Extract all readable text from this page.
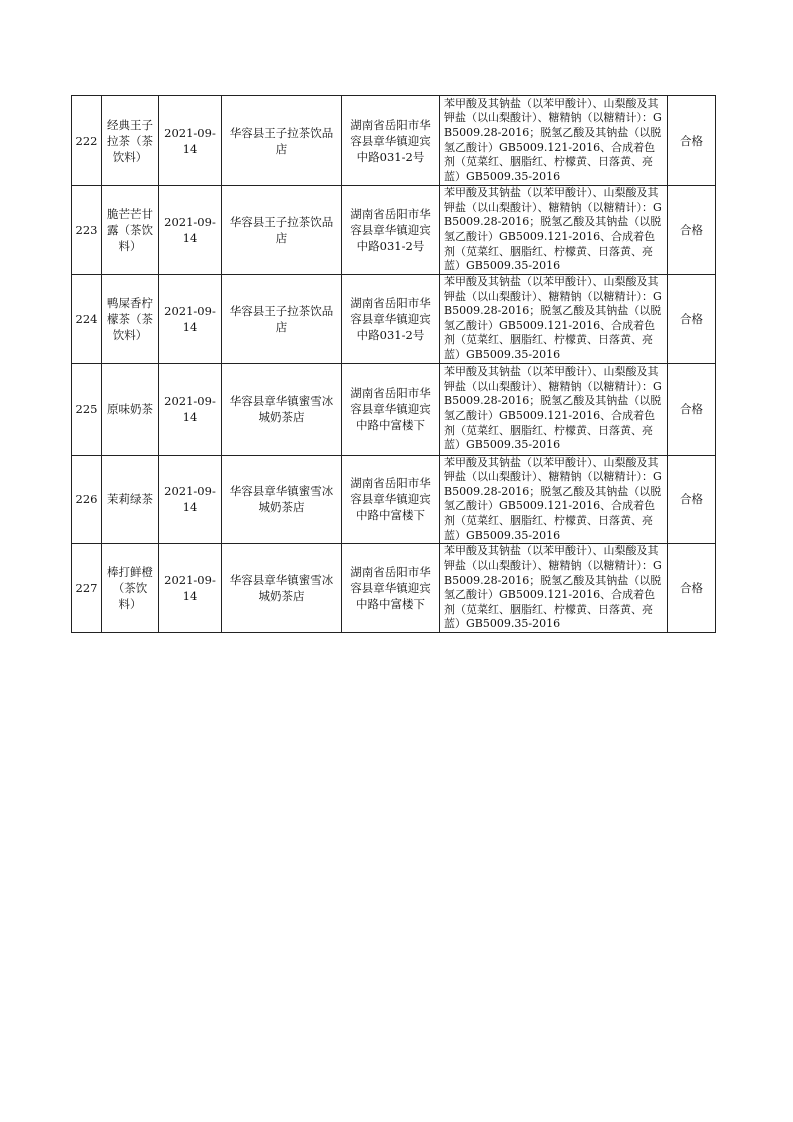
222	经典王子拉茶（茶饮料）	2021-09-14	华容县王子拉茶饮品店	湖南省岳阳市华容县章华镇迎宾中路031-2号	苯甲酸及其钠盐（以苯甲酸计）、山梨酸及其钾盐（以山梨酸计）、糖精钠（以糖精计）：GB5009.28-2016；脱氢乙酸及其钠盐（以脱氢乙酸计）GB5009.121-2016、合成着色剂（苋菜红、胭脂红、柠檬黄、日落黄、亮蓝）GB5009.35-2016	合格
223	脆芒芒甘露（茶饮料）	2021-09-14	华容县王子拉茶饮品店	湖南省岳阳市华容县章华镇迎宾中路031-2号	苯甲酸及其钠盐（以苯甲酸计）、山梨酸及其钾盐（以山梨酸计）、糖精钠（以糖精计）：GB5009.28-2016；脱氢乙酸及其钠盐（以脱氢乙酸计）GB5009.121-2016、合成着色剂（苋菜红、胭脂红、柠檬黄、日落黄、亮蓝）GB5009.35-2016	合格
224	鸭屎香柠檬茶（茶饮料）	2021-09-14	华容县王子拉茶饮品店	湖南省岳阳市华容县章华镇迎宾中路031-2号	苯甲酸及其钠盐（以苯甲酸计）、山梨酸及其钾盐（以山梨酸计）、糖精钠（以糖精计）：GB5009.28-2016；脱氢乙酸及其钠盐（以脱氢乙酸计）GB5009.121-2016、合成着色剂（苋菜红、胭脂红、柠檬黄、日落黄、亮蓝）GB5009.35-2016	合格
225	原味奶茶	2021-09-14	华容县章华镇蜜雪冰城奶茶店	湖南省岳阳市华容县章华镇迎宾中路中富楼下	苯甲酸及其钠盐（以苯甲酸计）、山梨酸及其钾盐（以山梨酸计）、糖精钠（以糖精计）：GB5009.28-2016；脱氢乙酸及其钠盐（以脱氢乙酸计）GB5009.121-2016、合成着色剂（苋菜红、胭脂红、柠檬黄、日落黄、亮蓝）GB5009.35-2016	合格
226	茉莉绿茶	2021-09-14	华容县章华镇蜜雪冰城奶茶店	湖南省岳阳市华容县章华镇迎宾中路中富楼下	苯甲酸及其钠盐（以苯甲酸计）、山梨酸及其钾盐（以山梨酸计）、糖精钠（以糖精计）：GB5009.28-2016；脱氢乙酸及其钠盐（以脱氢乙酸计）GB5009.121-2016、合成着色剂（苋菜红、胭脂红、柠檬黄、日落黄、亮蓝）GB5009.35-2016	合格
227	棒打鲜橙（茶饮料）	2021-09-14	华容县章华镇蜜雪冰城奶茶店	湖南省岳阳市华容县章华镇迎宾中路中富楼下	苯甲酸及其钠盐（以苯甲酸计）、山梨酸及其钾盐（以山梨酸计）、糖精钠（以糖精计）：GB5009.28-2016；脱氢乙酸及其钠盐（以脱氢乙酸计）GB5009.121-2016、合成着色剂（苋菜红、胭脂红、柠檬黄、日落黄、亮蓝）GB5009.35-2016	合格
